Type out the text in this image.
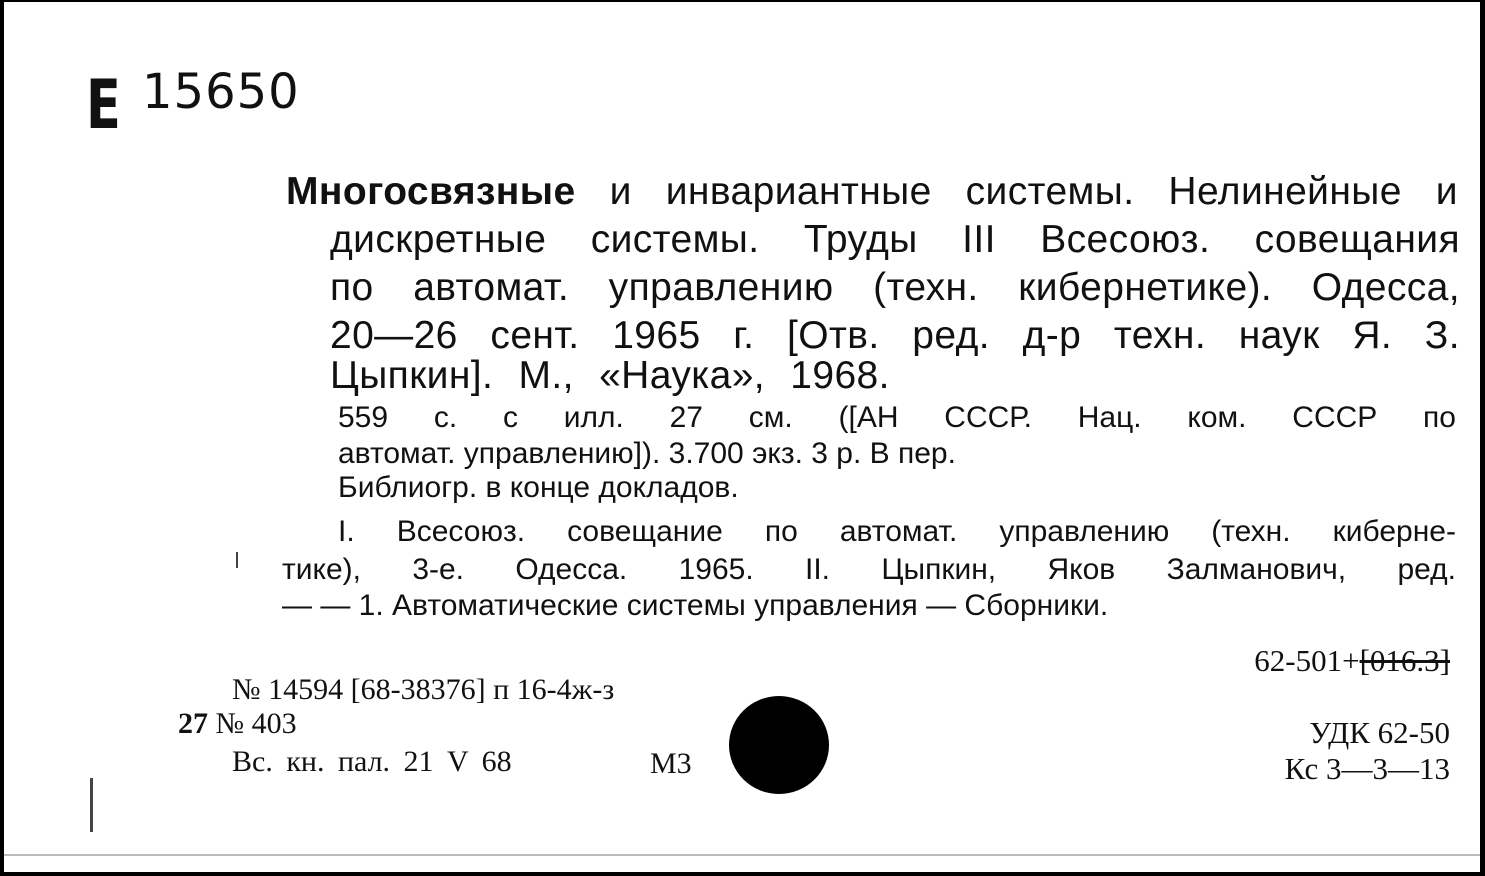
E 15650
Многосвязные и инвариантные системы. Нелинейные и
дискретные системы. Труды III Всесоюз. совещания
по автомат. управлению (техн. кибернетике). Одесса,
20—26 сент. 1965 г. [Отв. ред. д-р техн. наук Я. З.
Цыпкин]. М., «Наука», 1968.
559 с. с илл. 27 см. ([АН СССР. Нац. ком. СССР по
автомат. управлению]). 3.700 экз. 3 р. В пер.
Библиогр. в конце докладов.
I. Всесоюз. совещание по автомат. управлению (техн. киберне-
тике), 3-е. Одесса. 1965. II. Цыпкин, Яков Залманович, ред.
— — 1. Автоматические системы управления — Сборники.
№ 14594 [68-38376] п 16-4ж-з
27 № 403
Вс. кн. пал. 21 V 68	M3
62-501+[016.3]
УДК 62-50
Кс 3—3—13
